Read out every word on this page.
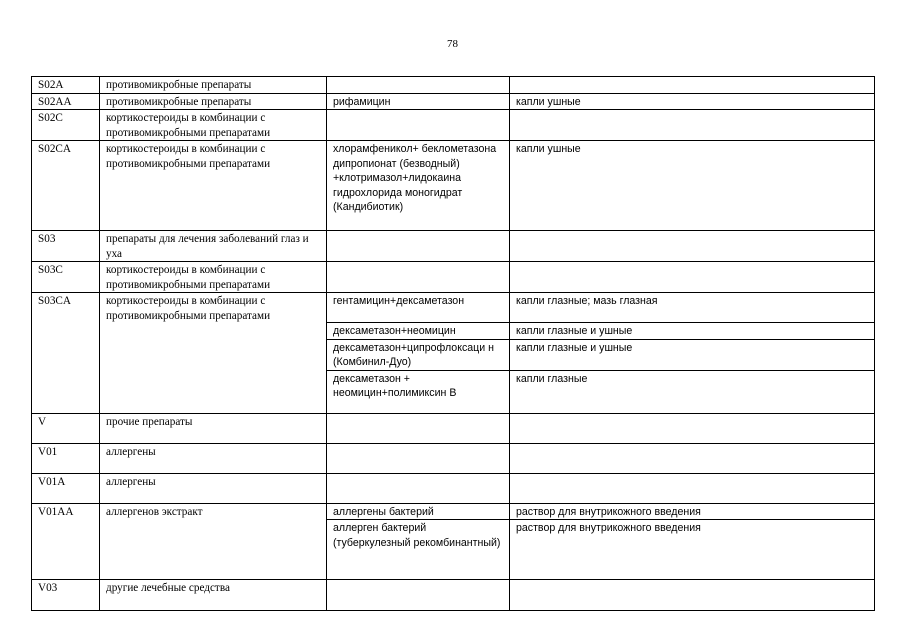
78
S02A	противомикробные препараты		
S02AA	противомикробные препараты	рифамицин	капли ушные
S02C	кортикостероиды в комбинации с противомикробными препаратами		
S02CA	кортикостероиды в комбинации с противомикробными препаратами	хлорамфеникол+ беклометазона дипропионат (безводный) +клотримазол+лидокаина гидрохлорида моногидрат (Кандибиотик)	капли ушные
S03	препараты для лечения заболеваний глаз и уха		
S03C	кортикостероиды в комбинации с противомикробными препаратами		
S03CA	кортикостероиды в комбинации с противомикробными препаратами	гентамицин+дексаметазон	капли глазные; мазь глазная
		дексаметазон+неомицин	капли глазные и ушные
		дексаметазон+ципрофлоксаци н (Комбинил-Дуо)	капли глазные и ушные
		дексаметазон + неомицин+полимиксин В	капли глазные
V	прочие препараты		
V01	аллергены		
V01A	аллергены		
V01AA	аллергенов экстракт	аллергены бактерий	раствор для внутрикожного введения
		аллерген бактерий (туберкулезный рекомбинантный)	раствор для внутрикожного введения
V03	другие лечебные средства		
